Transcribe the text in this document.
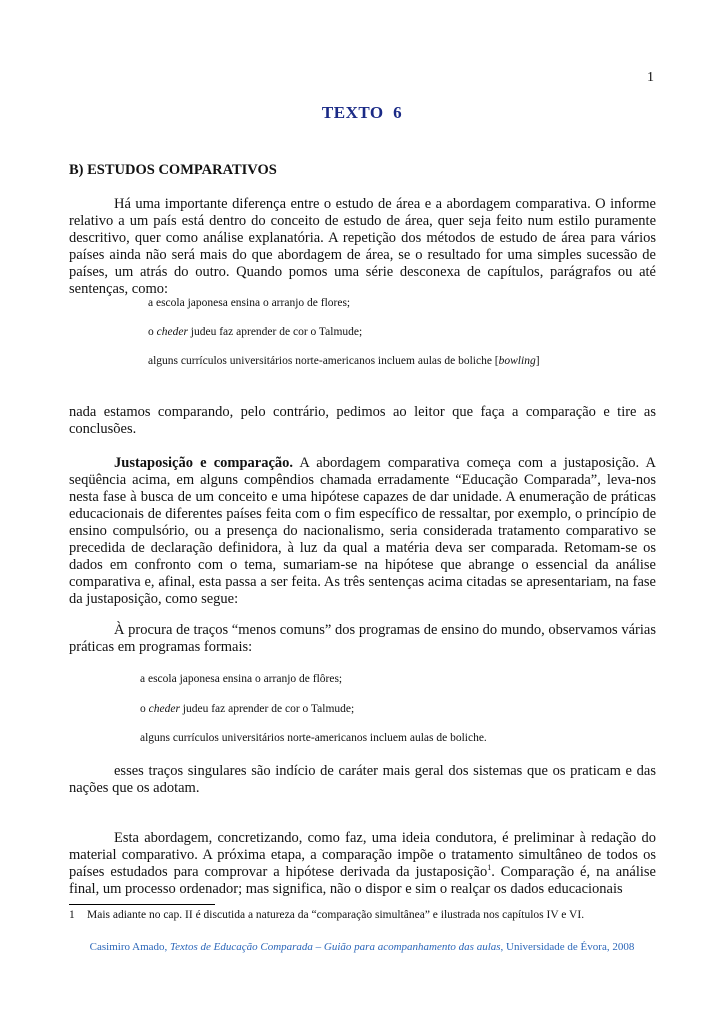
1
TEXTO  6
B) ESTUDOS COMPARATIVOS

Há uma importante diferença entre o estudo de área e a abordagem comparativa. O informe relativo a um país está dentro do conceito de estudo de área, quer seja feito num estilo puramente descritivo, quer como análise explanatória. A repetição dos métodos de estudo de área para vários países ainda não será mais do que abordagem de área, se o resultado for uma simples sucessão de países, um atrás do outro. Quando pomos uma série desconexa de capítulos, parágrafos ou até sentenças, como:

a escola japonesa ensina o arranjo de flores;
o cheder judeu faz aprender de cor o Talmude;
alguns currículos universitários norte-americanos incluem aulas de boliche [bowling]

nada estamos comparando, pelo contrário, pedimos ao leitor que faça a comparação e tire as conclusões.

Justaposição e comparação. A abordagem comparativa começa com a justaposição. A seqüência acima, em alguns compêndios chamada erradamente “Educação Comparada”, leva-nos nesta fase à busca de um conceito e uma hipótese capazes de dar unidade. A enumeração de práticas educacionais de diferentes países feita com o fim específico de ressaltar, por exemplo, o princípio de ensino compulsório, ou a presença do nacionalismo, seria considerada tratamento comparativo se precedida de declaração definidora, à luz da qual a matéria deva ser comparada. Retomam-se os dados em confronto com o tema, sumariam-se na hipótese que abrange o essencial da análise comparativa e, afinal, esta passa a ser feita. As três sentenças acima citadas se apresentariam, na fase da justaposição, como segue:

À procura de traços “menos comuns” dos programas de ensino do mundo, observamos várias práticas em programas formais:

a escola japonesa ensina o arranjo de flôres;
o cheder judeu faz aprender de cor o Talmude;
alguns currículos universitários norte-americanos incluem aulas de boliche.

esses traços singulares são indício de caráter mais geral dos sistemas que os praticam e das nações que os adotam.

Esta abordagem, concretizando, como faz, uma ideia condutora, é preliminar à redação do material comparativo. A próxima etapa, a comparação impõe o tratamento simultâneo de todos os países estudados para comprovar a hipótese derivada da justaposição$^1$. Comparação é, na análise final, um processo ordenador; mas significa, não o dispor e sim o realçar os dados educacionais

1 Mais adiante no cap. II é discutida a natureza da “comparação simultânea” e ilustrada nos capítulos IV e VI.
Casimiro Amado, Textos de Educação Comparada – Guião para acompanhamento das aulas, Universidade de Évora, 2008
